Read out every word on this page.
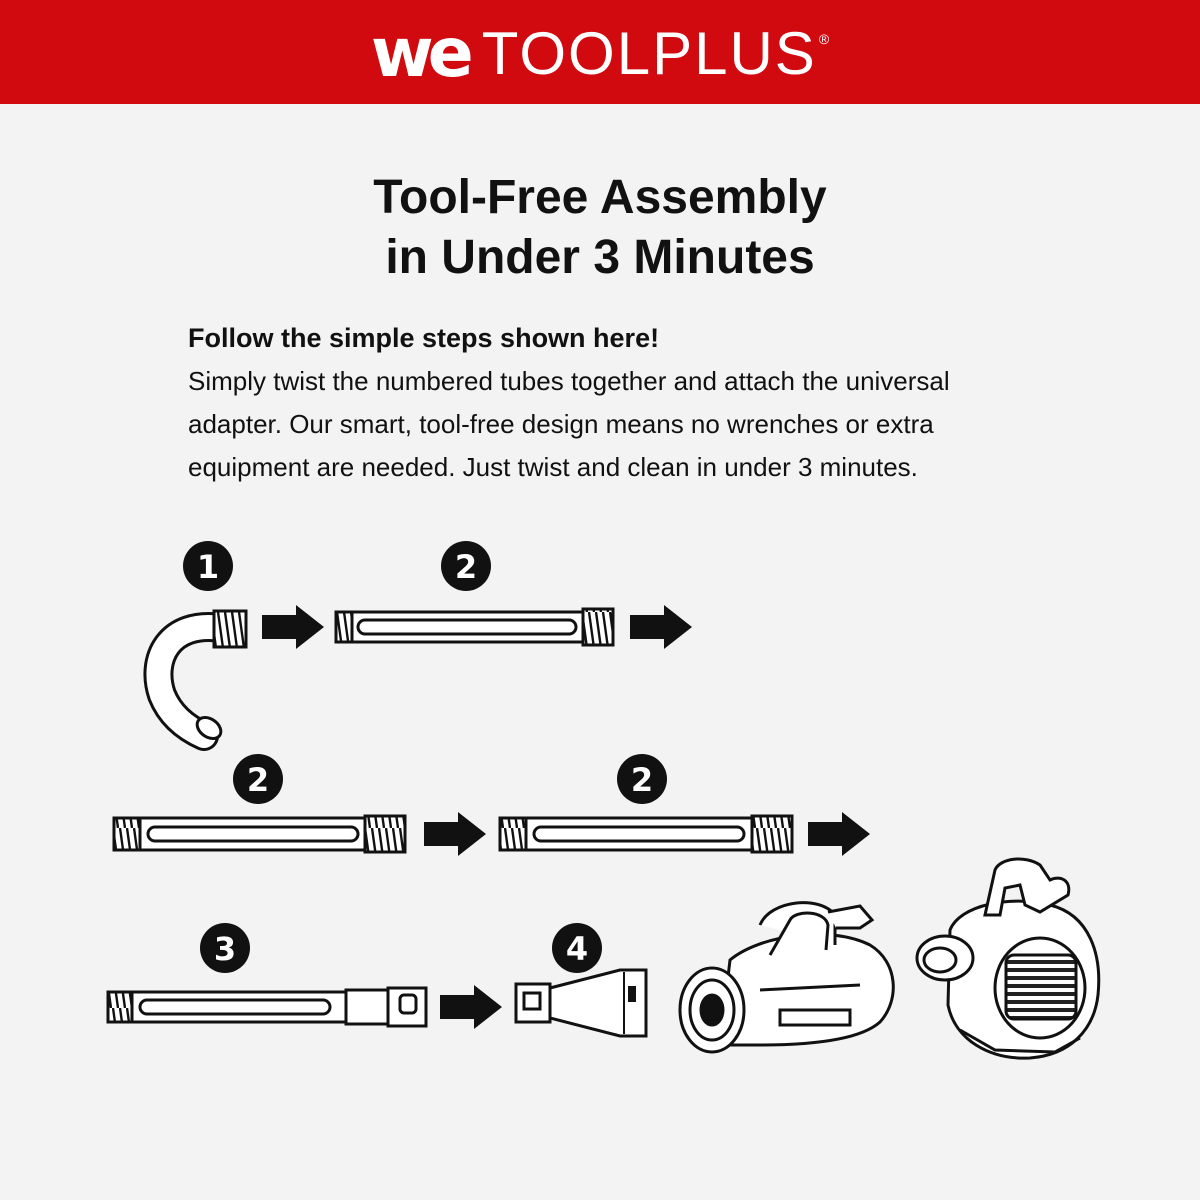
we TOOLPLUS ®
Tool-Free Assembly
in Under 3 Minutes
Follow the simple steps shown here!
Simply twist the numbered tubes together and attach the universal adapter. Our smart, tool-free design means no wrenches or extra equipment are needed. Just twist and clean in under 3 minutes.
1	2
2	2
3	4
